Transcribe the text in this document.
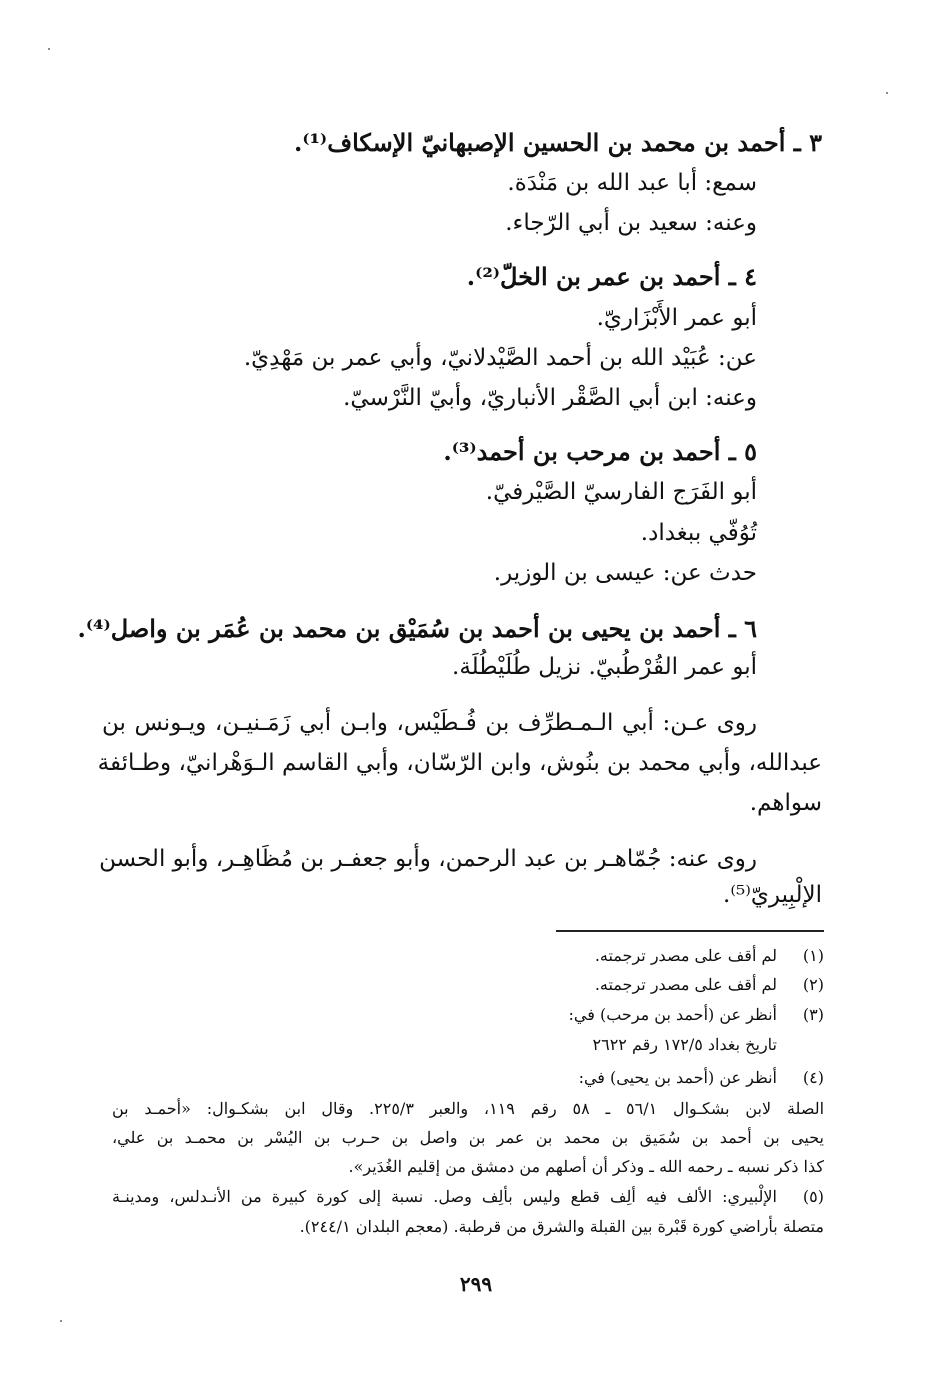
٣ ـ أحمد بن محمد بن الحسين الإصبهانيّ الإسكاف⁽¹⁾.
سمع: أبا عبد الله بن مَنْدَة.
وعنه: سعيد بن أبي الرّجاء.
٤ ـ أحمد بن عمر بن الخلّ⁽²⁾.
أبو عمر الأَبْزَاريّ.
عن: عُبَيْد الله بن أحمد الصَّيْدلانيّ، وأبي عمر بن مَهْدِيّ.
وعنه: ابن أبي الصَّقْر الأنباريّ، وأبيّ النَّرْسيّ.
٥ ـ أحمد بن مرحب بن أحمد⁽³⁾.
أبو الفَرَج الفارسيّ الصَّيْرفيّ.
تُوُفّي ببغداد.
حدث عن: عيسى بن الوزير.
٦ ـ أحمد بن يحيى بن أحمد بن سُمَيْق بن محمد بن عُمَر بن واصل⁽⁴⁾.
أبو عمر القُرْطُبيّ. نزيل طُلَيْطُلَة.
روى عـن: أبي الـمـطرِّف بن فُـطَيْس، وابـن أبي زَمَـنيـن، ويـونس بن
عبدالله، وأبي محمد بن بنُوش، وابن الرّسّان، وأبي القاسم الـوَهْرانيّ، وطـائفة
سواهم.
روى عنه: جُمّاهـر بن عبد الرحمن، وأبو جعفـر بن مُظَاهِـر، وأبو الحسن
الإلْبِيريّ⁽⁵⁾.
(١)
لم أقف على مصدر ترجمته.
(٢)
لم أقف على مصدر ترجمته.
(٣)
أنظر عن (أحمد بن مرحب) في:
تاريخ بغداد ١٧٢/٥ رقم ٢٦٢٢
(٤)
أنظر عن (أحمد بن يحيى) في:
الصلة لابن بشكـوال ٥٦/١ ـ ٥٨ رقم ١١٩، والعبر ٢٢٥/٣. وقال ابن بشكـوال: «أحمـد بن
يحيى بن أحمد بن سُمَيق بن محمد بن عمر بن واصل بن حـرب بن اليُسْر بن محمـد بن علي،
كذا ذكر نسبه ـ رحمه الله ـ وذكر أن أصلهم من دمشق من إقليم الغُدَير».
(٥)
الإلْبيري: الألف فيه ألِف قطع وليس بألِف وصل. نسبة إلى كورة كبيرة من الأنـدلس، ومدينـة
متصلة بأراضي كورة قَبْرة بين القبلة والشرق من قرطبة. (معجم البلدان ٢٤٤/١).
٢٩٩
